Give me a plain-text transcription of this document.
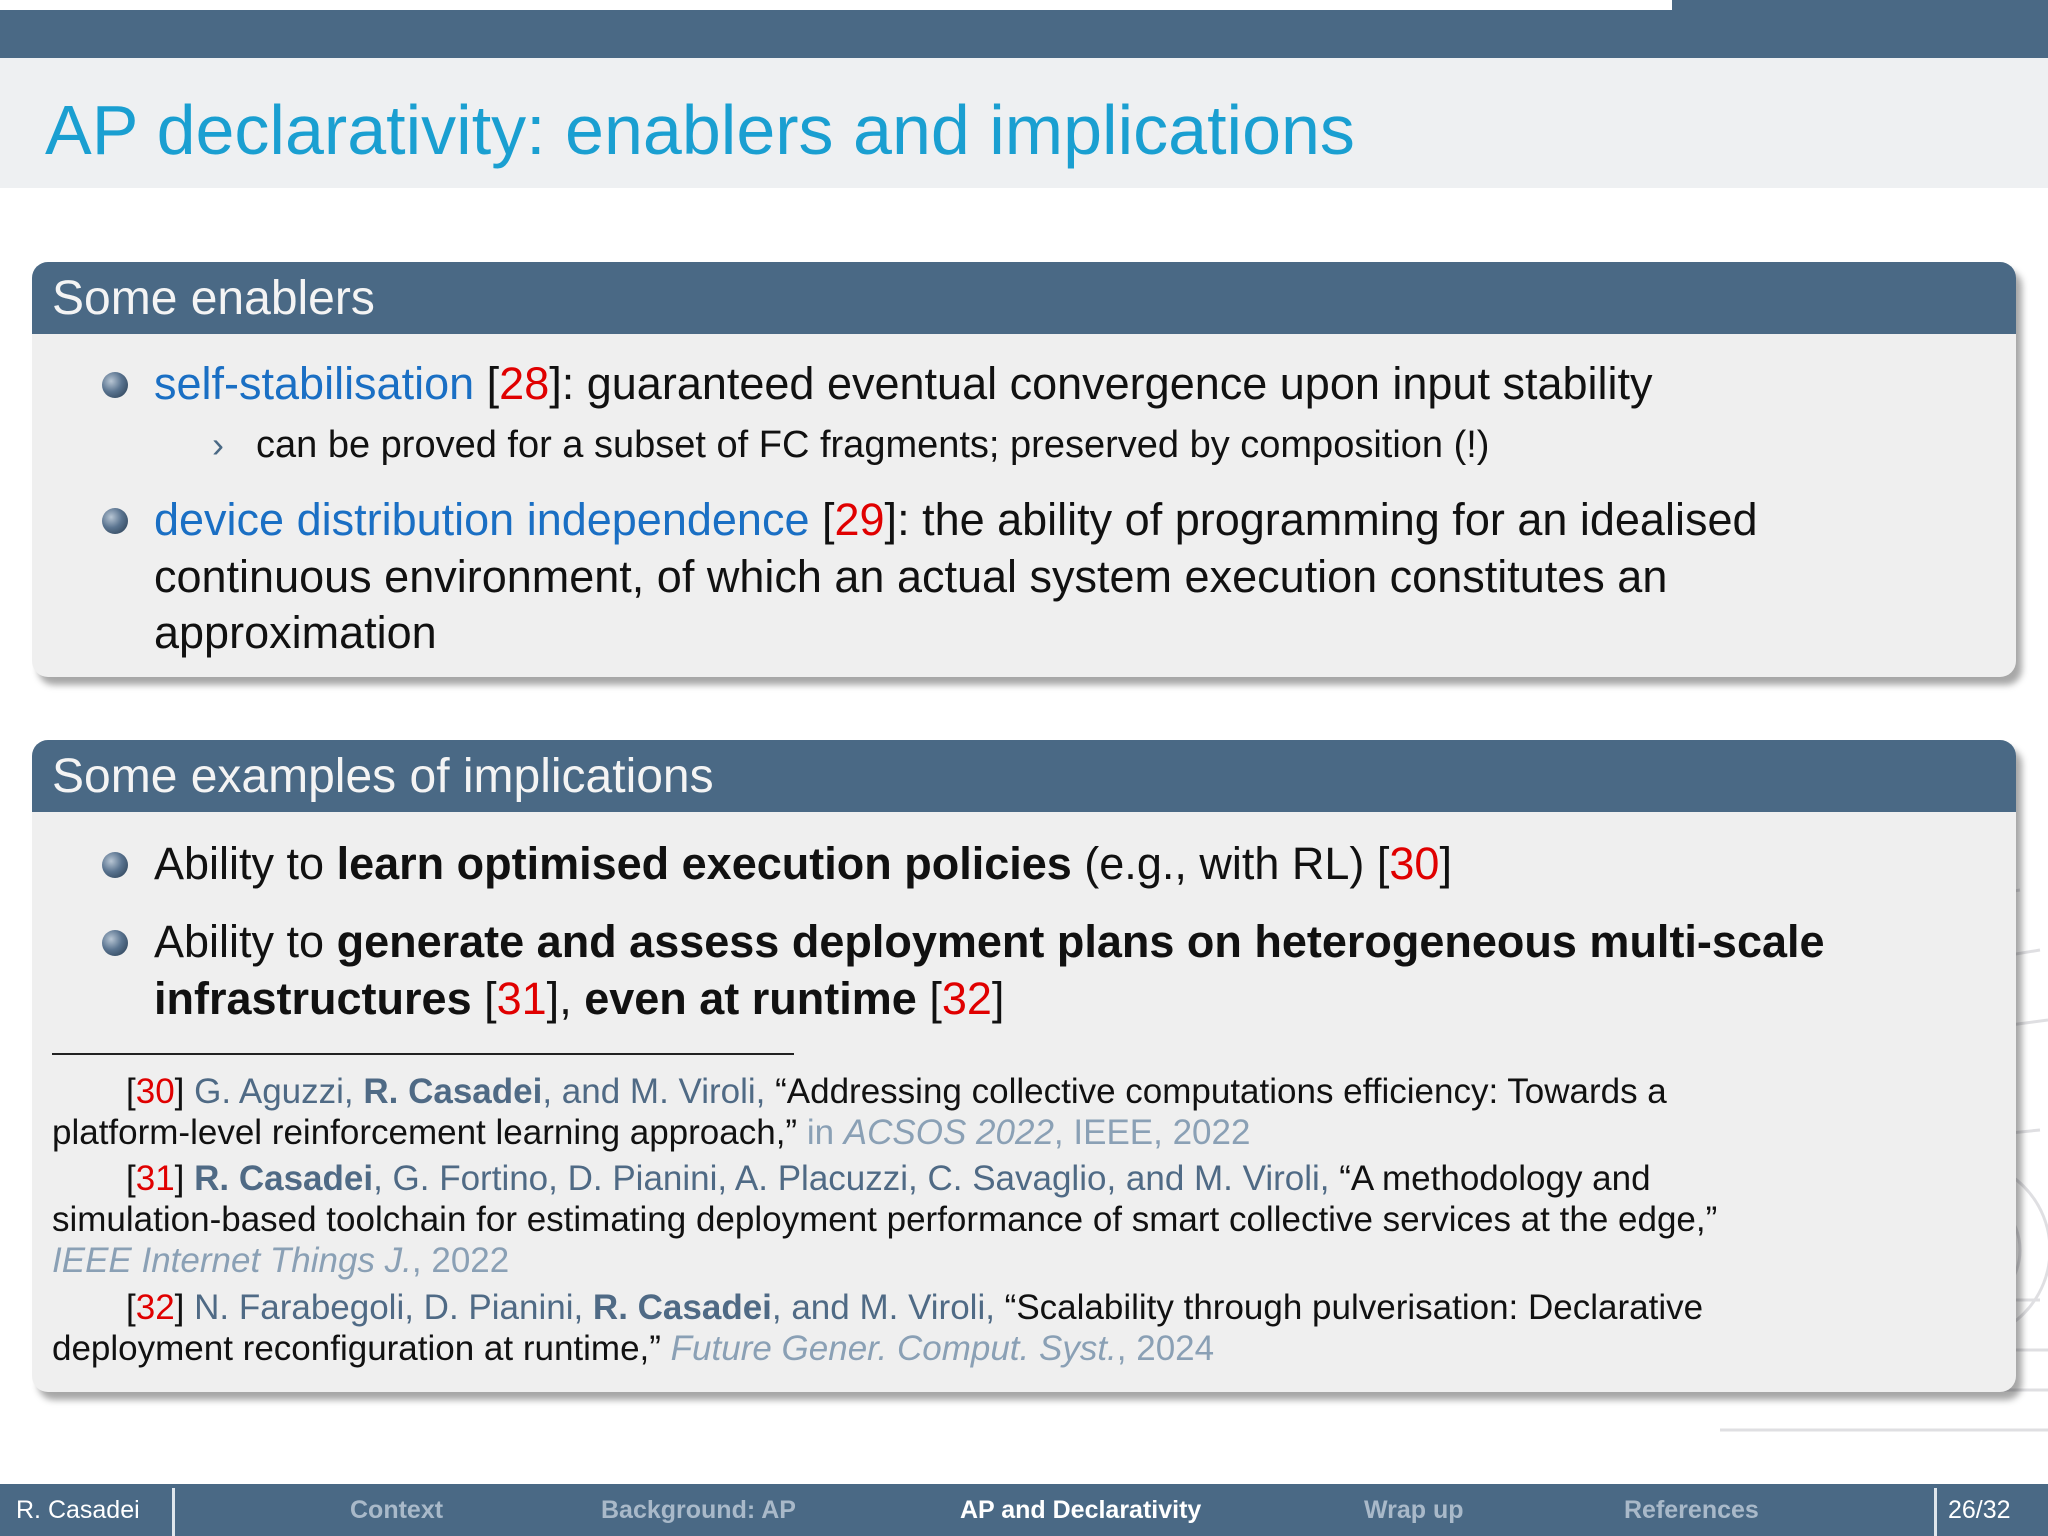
AP declarativity: enablers and implications
Some enablers
self-stabilisation [28]: guaranteed eventual convergence upon input stability
› can be proved for a subset of FC fragments; preserved by composition (!)
device distribution independence [29]: the ability of programming for an idealised
continuous environment, of which an actual system execution constitutes an
approximation
Some examples of implications
Ability to learn optimised execution policies (e.g., with RL) [30]
Ability to generate and assess deployment plans on heterogeneous multi-scale
infrastructures [31], even at runtime [32]
[30] G. Aguzzi, R. Casadei, and M. Viroli, “Addressing collective computations efficiency: Towards a
platform-level reinforcement learning approach,” in ACSOS 2022, IEEE, 2022
[31] R. Casadei, G. Fortino, D. Pianini, A. Placuzzi, C. Savaglio, and M. Viroli, “A methodology and
simulation-based toolchain for estimating deployment performance of smart collective services at the edge,”
IEEE Internet Things J., 2022
[32] N. Farabegoli, D. Pianini, R. Casadei, and M. Viroli, “Scalability through pulverisation: Declarative
deployment reconfiguration at runtime,” Future Gener. Comput. Syst., 2024
R. Casadei	Context	Background: AP	AP and Declarativity	Wrap up	References	26/32
